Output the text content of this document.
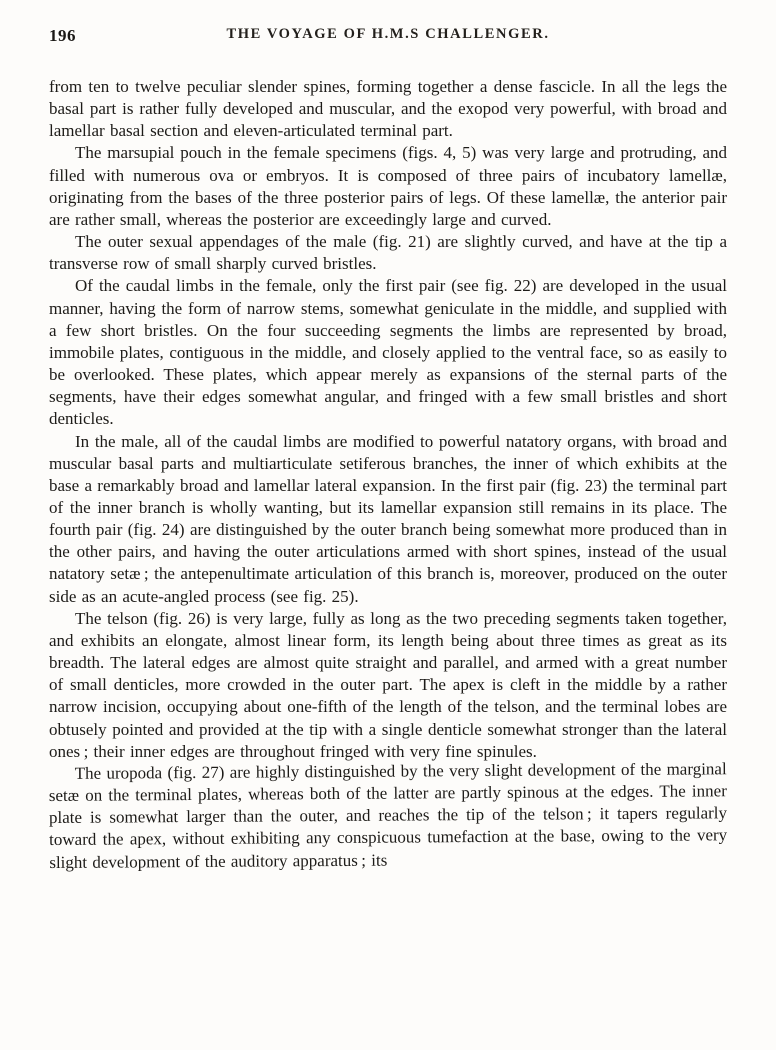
196	THE VOYAGE OF H.M.S CHALLENGER.

from ten to twelve peculiar slender spines, forming together a dense fascicle. In all the legs the basal part is rather fully developed and muscular, and the exopod very powerful, with broad and lamellar basal section and eleven-articulated terminal part.

The marsupial pouch in the female specimens (figs. 4, 5) was very large and protruding, and filled with numerous ova or embryos. It is composed of three pairs of incubatory lamellæ, originating from the bases of the three posterior pairs of legs. Of these lamellæ, the anterior pair are rather small, whereas the posterior are exceedingly large and curved.

The outer sexual appendages of the male (fig. 21) are slightly curved, and have at the tip a transverse row of small sharply curved bristles.

Of the caudal limbs in the female, only the first pair (see fig. 22) are developed in the usual manner, having the form of narrow stems, somewhat geniculate in the middle, and supplied with a few short bristles. On the four succeeding segments the limbs are represented by broad, immobile plates, contiguous in the middle, and closely applied to the ventral face, so as easily to be overlooked. These plates, which appear merely as expansions of the sternal parts of the segments, have their edges somewhat angular, and fringed with a few small bristles and short denticles.

In the male, all of the caudal limbs are modified to powerful natatory organs, with broad and muscular basal parts and multiarticulate setiferous branches, the inner of which exhibits at the base a remarkably broad and lamellar lateral expansion. In the first pair (fig. 23) the terminal part of the inner branch is wholly wanting, but its lamellar expansion still remains in its place. The fourth pair (fig. 24) are distinguished by the outer branch being somewhat more produced than in the other pairs, and having the outer articulations armed with short spines, instead of the usual natatory setæ ; the antepenultimate articulation of this branch is, moreover, produced on the outer side as an acute-angled process (see fig. 25).

The telson (fig. 26) is very large, fully as long as the two preceding segments taken together, and exhibits an elongate, almost linear form, its length being about three times as great as its breadth. The lateral edges are almost quite straight and parallel, and armed with a great number of small denticles, more crowded in the outer part. The apex is cleft in the middle by a rather narrow incision, occupying about one-fifth of the length of the telson, and the terminal lobes are obtusely pointed and provided at the tip with a single denticle somewhat stronger than the lateral ones ; their inner edges are throughout fringed with very fine spinules.

The uropoda (fig. 27) are highly distinguished by the very slight development of the marginal setæ on the terminal plates, whereas both of the latter are partly spinous at the edges. The inner plate is somewhat larger than the outer, and reaches the tip of the telson ; it tapers regularly toward the apex, without exhibiting any conspicuous tumefaction at the base, owing to the very slight development of the auditory apparatus ; its
